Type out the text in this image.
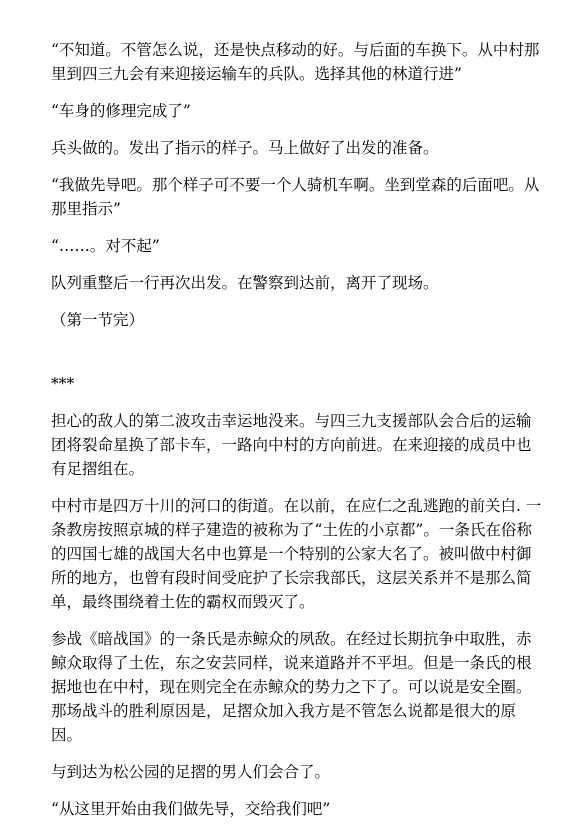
“不知道。不管怎么说，还是快点移动的好。与后面的车换下。从中村那里到四三九会有来迎接运输车的兵队。选择其他的林道行进”

“车身的修理完成了”

兵头做的。发出了指示的样子。马上做好了出发的准备。

“我做先导吧。那个样子可不要一个人骑机车啊。坐到堂森的后面吧。从那里指示”

“……。对不起”

队列重整后一行再次出发。在警察到达前，离开了现场。

（第一节完）

***

担心的敌人的第二波攻击幸运地没来。与四三九支援部队会合后的运输团将裂命星换了部卡车，一路向中村的方向前进。在来迎接的成员中也有足摺组在。

中村市是四万十川的河口的街道。在以前，在应仁之乱逃跑的前关白. 一条教房按照京城的样子建造的被称为了“土佐的小京都”。一条氏在俗称的四国七雄的战国大名中也算是一个特别的公家大名了。被叫做中村御所的地方，也曾有段时间受庇护了长宗我部氏，这层关系并不是那么简单，最终围绕着土佐的霸权而毁灭了。

参战《暗战国》的一条氏是赤鲸众的夙敌。在经过长期抗争中取胜，赤鲸众取得了土佐，东之安芸同样，说来道路并不平坦。但是一条氏的根据地也在中村，现在则完全在赤鲸众的势力之下了。可以说是安全圈。那场战斗的胜利原因是，足摺众加入我方是不管怎么说都是很大的原因。

与到达为松公园的足摺的男人们会合了。

“从这里开始由我们做先导，交给我们吧”
